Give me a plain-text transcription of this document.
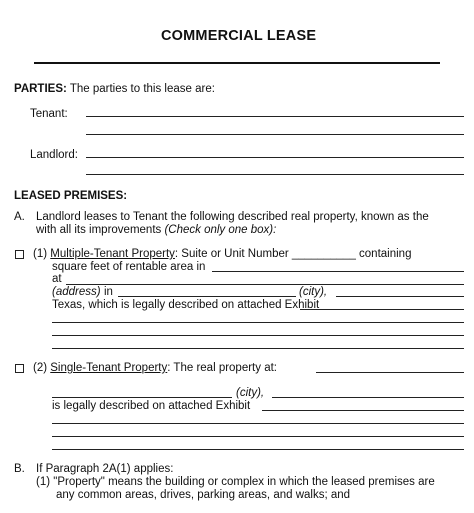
COMMERCIAL LEASE
PARTIES: The parties to this lease are:
Tenant:
Landlord:
LEASED PREMISES:
A. Landlord leases to Tenant the following described real property, known as the
with all its improvements (Check only one box):
(1) Multiple-Tenant Property: Suite or Unit Number __________ containing
square feet of rentable area in
at
(address) in	(city),
Texas, which is legally described on attached Exhibit
(2) Single-Tenant Property: The real property at:
(city),
is legally described on attached Exhibit
B. If Paragraph 2A(1) applies:
(1) "Property" means the building or complex in which the leased premises are
any common areas, drives, parking areas, and walks; and
